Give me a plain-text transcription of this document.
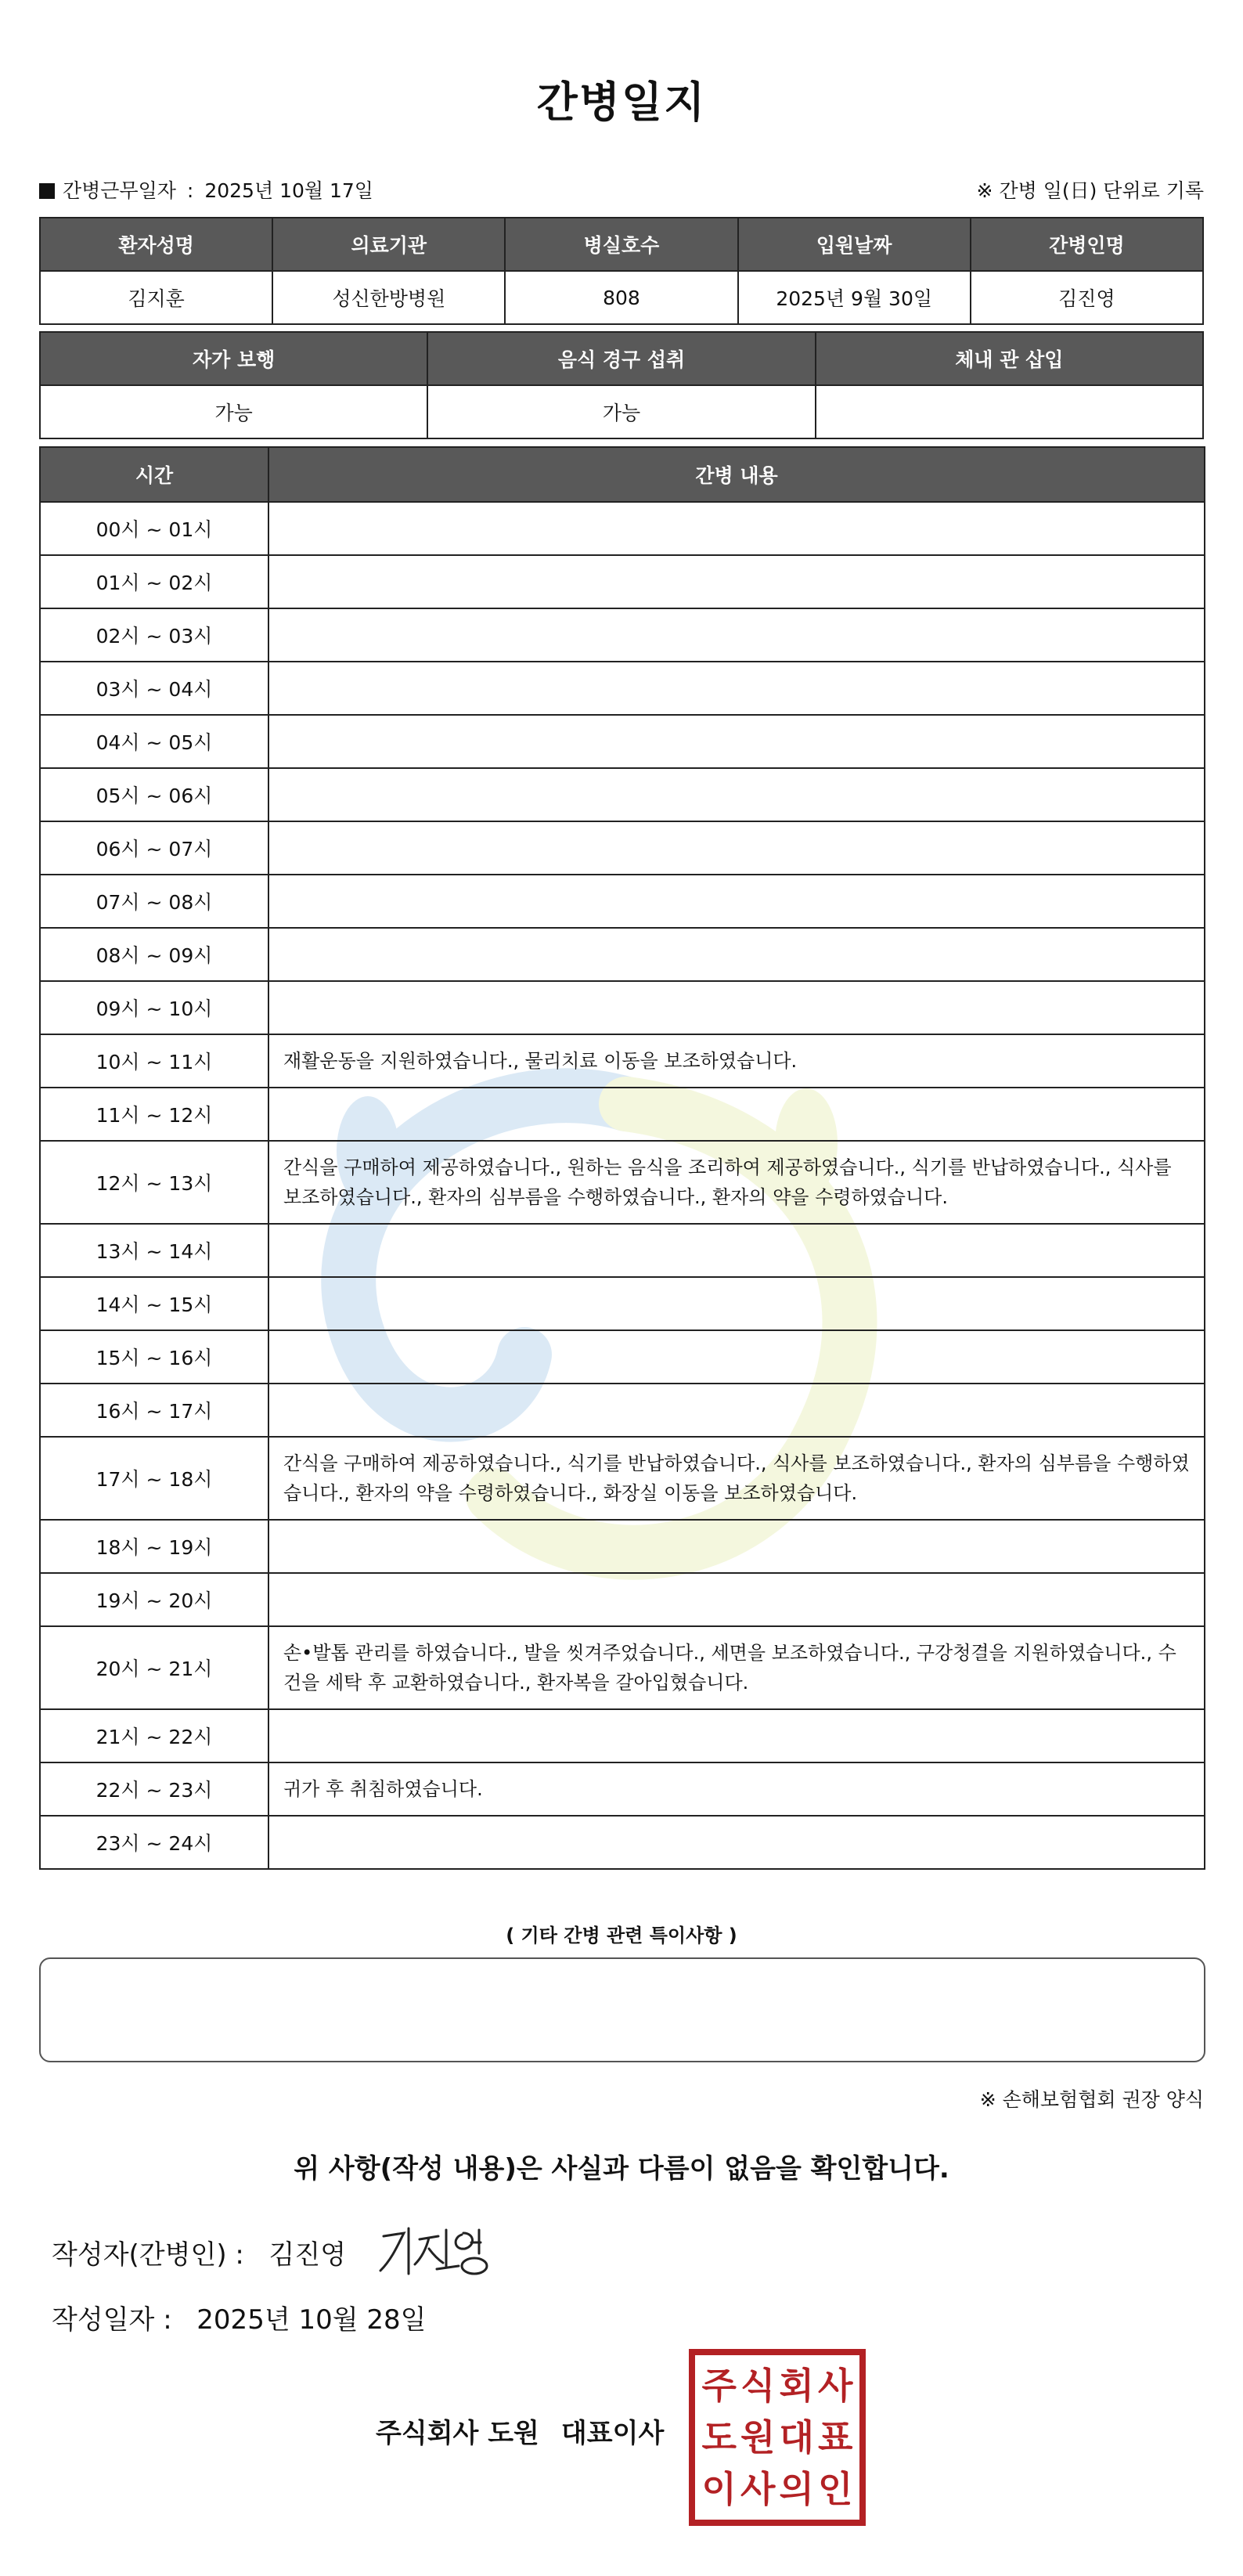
간병일지
간병근무일자 : 2025년 10월 17일	※ 간병 일(日) 단위로 기록
환자성명	의료기관	병실호수	입원날짜	간병인명
김지훈	성신한방병원	808	2025년 9월 30일	김진영
자가 보행	음식 경구 섭취	체내 관 삽입
가능	가능	
시간	간병 내용
00시 ~ 01시	
01시 ~ 02시	
02시 ~ 03시	
03시 ~ 04시	
04시 ~ 05시	
05시 ~ 06시	
06시 ~ 07시	
07시 ~ 08시	
08시 ~ 09시	
09시 ~ 10시	
10시 ~ 11시	재활운동을 지원하였습니다., 물리치료 이동을 보조하였습니다.
11시 ~ 12시	
12시 ~ 13시	간식을 구매하여 제공하였습니다., 원하는 음식을 조리하여 제공하였습니다., 식기를 반납하였습니다., 식사를 보조하였습니다., 환자의 심부름을 수행하였습니다., 환자의 약을 수령하였습니다.
13시 ~ 14시	
14시 ~ 15시	
15시 ~ 16시	
16시 ~ 17시	
17시 ~ 18시	간식을 구매하여 제공하였습니다., 식기를 반납하였습니다., 식사를 보조하였습니다., 환자의 심부름을 수행하였습니다., 환자의 약을 수령하였습니다., 화장실 이동을 보조하였습니다.
18시 ~ 19시	
19시 ~ 20시	
20시 ~ 21시	손•발톱 관리를 하였습니다., 발을 씻겨주었습니다., 세면을 보조하였습니다., 구강청결을 지원하였습니다., 수건을 세탁 후 교환하였습니다., 환자복을 갈아입혔습니다.
21시 ~ 22시	
22시 ~ 23시	귀가 후 취침하였습니다.
23시 ~ 24시	
( 기타 간병 관련 특이사항 )
※ 손해보험협회 권장 양식
위 사항(작성 내용)은 사실과 다름이 없음을 확인합니다.
작성자(간병인) : 김진영
작성일자 : 2025년 10월 28일
주식회사 도원 대표이사
주 식 회 사
도 원 대 표
이 사 의 인
